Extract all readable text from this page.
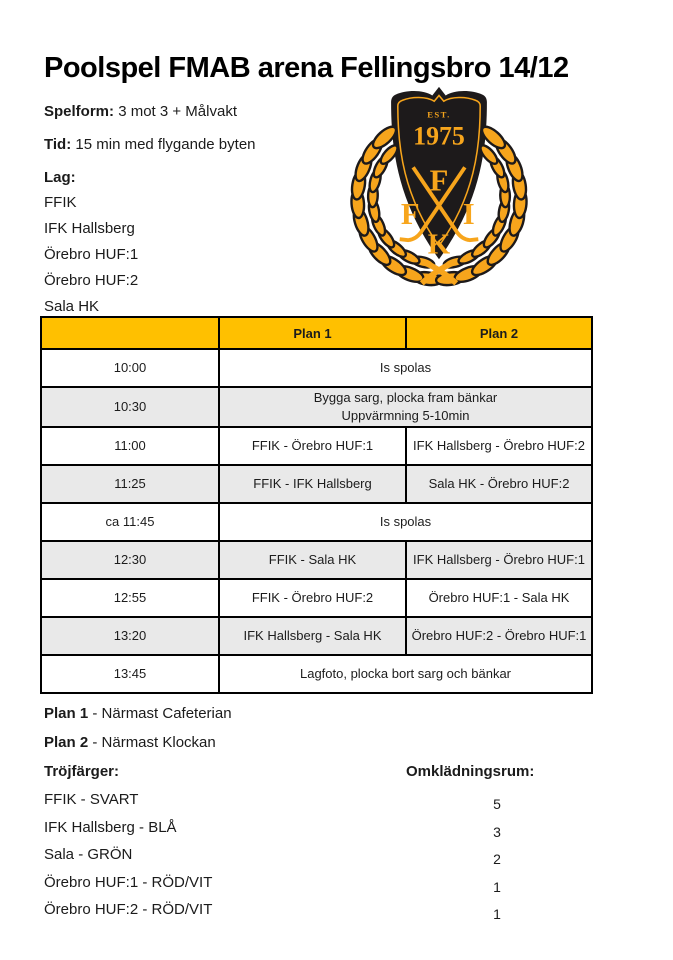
Poolspel FMAB arena Fellingsbro 14/12

Spelform: 3 mot 3 + Målvakt

Tid: 15 min med flygande byten

Lag:

FFIK
IFK Hallsberg
Örebro HUF:1
Örebro HUF:2
Sala HK
EST.
1975
F
F I
K
	Plan 1	Plan 2
10:00	Is spolas	

10:30	Bygga sarg, plocka fram bänkar
Uppvärmning 5-10min	

11:00	FFIK - Örebro HUF:1	IFK Hallsberg - Örebro HUF:2
11:25	FFIK - IFK Hallsberg	Sala HK - Örebro HUF:2
ca 11:45	Is spolas	

12:30	FFIK - Sala HK	IFK Hallsberg - Örebro HUF:1
12:55	FFIK - Örebro HUF:2	Örebro HUF:1 - Sala HK
13:20	IFK Hallsberg - Sala HK	Örebro HUF:2 - Örebro HUF:1
13:45	Lagfoto, plocka bort sarg och bänkar	

Plan 1 - Närmast Cafeterian

Plan 2 - Närmast Klockan

Tröjfärger:	Omklädningsrum:
FFIK - SVART	5
IFK Hallsberg - BLÅ	3
Sala - GRÖN	2
Örebro HUF:1 - RÖD/VIT	1
Örebro HUF:2 - RÖD/VIT	1
